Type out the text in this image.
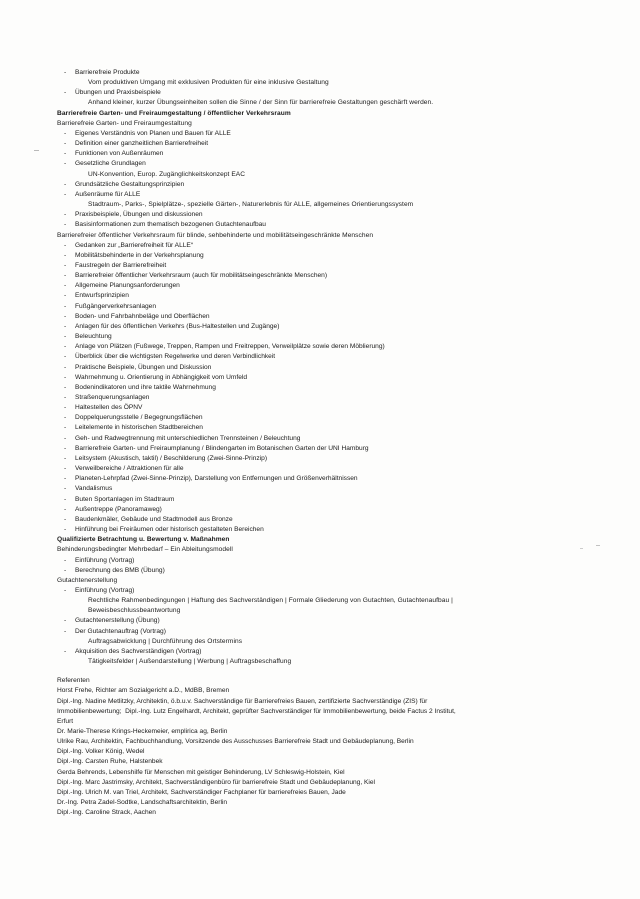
-	Barrierefreie Produkte
Vom produktiven Umgang mit exklusiven Produkten für eine inklusive Gestaltung
-	Übungen und Praxisbeispiele
Anhand kleiner, kurzer Übungseinheiten sollen die Sinne / der Sinn für barrierefreie Gestaltungen geschärft werden.
Barrierefreie Garten- und Freiraumgestaltung / öffentlicher Verkehrsraum
Barrierefreie Garten- und Freiraumgestaltung
-	Eigenes Verständnis von Planen und Bauen für ALLE
-	Definition einer ganzheitlichen Barrierefreiheit
-	Funktionen von Außenräumen
-	Gesetzliche Grundlagen
UN-Konvention, Europ. Zugänglichkeitskonzept EAC
-	Grundsätzliche Gestaltungsprinzipien
-	Außenräume für ALLE
Stadtraum-, Parks-, Spielplätze-, spezielle Gärten-, Naturerlebnis für ALLE, allgemeines Orientierungssystem
-	Praxisbeispiele, Übungen und diskussionen
-	Basisinformationen zum thematisch bezogenen Gutachtenaufbau
Barrierefreier öffentlicher Verkehrsraum für blinde, sehbehinderte und mobilitätseingeschränkte Menschen
-	Gedanken zur „Barrierefreiheit für ALLE“
-	Mobilitätsbehinderte in der Verkehrsplanung
-	Faustregeln der Barrierefreiheit
-	Barrierefreier öffentlicher Verkehrsraum (auch für mobilitätseingeschränkte Menschen)
-	Allgemeine Planungsanforderungen
-	Entwurfsprinzipien
-	Fußgängerverkehrsanlagen
-	Boden- und Fahrbahnbeläge und Oberflächen
-	Anlagen für des öffentlichen Verkehrs (Bus-Haltestellen und Zugänge)
-	Beleuchtung
-	Anlage von Plätzen (Fußwege, Treppen, Rampen und Freitreppen, Verweilplätze sowie deren Möblierung)
-	Überblick über die wichtigsten Regelwerke und deren Verbindlichkeit
-	Praktische Beispiele, Übungen und Diskussion
-	Wahrnehmung u. Orientierung in Abhängigkeit vom Umfeld
-	Bodenindikatoren und ihre taktile Wahrnehmung
-	Straßenquerungsanlagen
-	Haltestellen des ÖPNV
-	Doppelquerungsstelle / Begegnungsflächen
-	Leitelemente in historischen Stadtbereichen
-	Geh- und Radwegtrennung mit unterschiedlichen Trennsteinen / Beleuchtung
-	Barrierefreie Garten- und Freiraumplanung / Blindengarten im Botanischen Garten der UNI Hamburg
-	Leitsystem (Akustisch, taktil) / Beschilderung (Zwei-Sinne-Prinzip)
-	Verweilbereiche / Attraktionen für alle
-	Planeten-Lehrpfad (Zwei-Sinne-Prinzip), Darstellung von Entfernungen und Größenverhältnissen
-	Vandalismus
-	Buten Sportanlagen im Stadtraum
-	Außentreppe (Panoramaweg)
-	Baudenkmäler, Gebäude und Stadtmodell aus Bronze
-	Hinführung bei Freiräumen oder historisch gestalteten Bereichen
Qualifizierte Betrachtung u. Bewertung v. Maßnahmen
Behinderungsbedingter Mehrbedarf – Ein Ableitungsmodell
-	Einführung (Vortrag)
-	Berechnung des BMB (Übung)
Gutachtenerstellung
-	Einführung (Vortrag)
Rechtliche Rahmenbedingungen | Haftung des Sachverständigen | Formale Gliederung von Gutachten, Gutachtenaufbau |
Beweisbeschlussbeantwortung
-	Gutachtenerstellung (Übung)
-	Der Gutachtenauftrag (Vortrag)
Auftragsabwicklung | Durchführung des Ortstermins
-	Akquisition des Sachverständigen (Vortrag)
Tätigkeitsfelder | Außendarstellung | Werbung | Auftragsbeschaffung
Referenten
Horst Frehe, Richter am Sozialgericht a.D., MdBB, Bremen
Dipl.-Ing. Nadine Metlitzky, Architektin, ö.b.u.v. Sachverständige für Barrierefreies Bauen, zertifizierte Sachverständige (ZIS) für
Immobilienbewertung;  Dipl.-Ing. Lutz Engelhardt, Architekt, geprüfter Sachverständiger für Immobilienbewertung, beide Factus 2 Institut,
Erfurt
Dr. Marie-Therese Krings-Heckemeier, emplirica ag, Berlin
Ulrike Rau, Architektin, Fachbuchhandlung, Vorsitzende des Ausschusses Barrierefreie Stadt und Gebäudeplanung, Berlin
Dipl.-Ing. Volker König, Wedel
Dipl.-Ing. Carsten Ruhe, Halstenbek
Gerda Behrends, Lebenshilfe für Menschen mit geistiger Behinderung, LV Schleswig-Holstein, Kiel
Dipl.-Ing. Marc Jastrimsky, Architekt, Sachverständigenbüro für barrierefreie Stadt und Gebäudeplanung, Kiel
Dipl.-Ing. Ulrich M. van Triel, Architekt, Sachverständiger Fachplaner für barrierefreies Bauen, Jade
Dr.-Ing. Petra Zadel-Sodtke, Landschaftsarchitektin, Berlin
Dipl.-Ing. Caroline Strack, Aachen
